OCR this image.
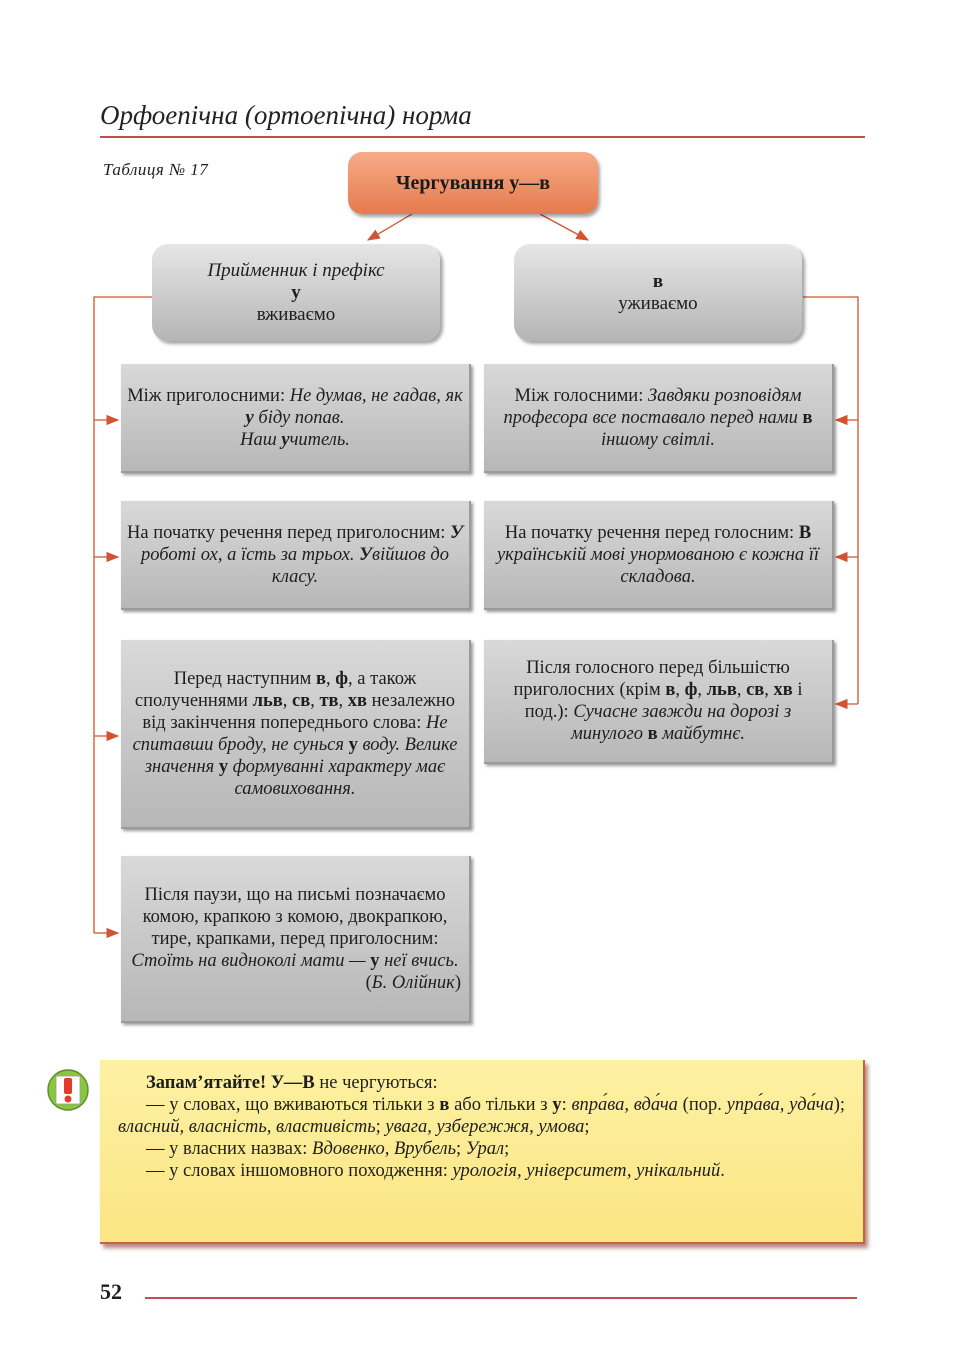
Орфоепічна (ортоепічна) норма
Таблиця № 17
Чергування у—в
Прийменник і префікс
у
вживаємо
в
уживаємо

Між приголосними: Не думав, не гадав, як у біду попав.
Наш учитель.

На початку речення перед приголосним: У роботі ох, а їсть за трьох. Увійшов до класу.

Перед наступним в, ф, а також сполученнями льв, св, тв, хв незалежно від закінчення попереднього слова: Не спитавши броду, не суньcя у воду. Велике значення у формуванні характеру має самовиховання.

Після паузи, що на письмі позначаємо комою, крапкою з комою, двокрапкою, тире, крапками, перед приголосним: Стоїть на видноколі мати — у неї вчись.

(Б. Олійник)

Між голосними: Завдяки розповідям професора все поставало перед нами в іншому світлі.

На початку речення перед голосним: В українській мові унормованою є кожна її складова.

Після голосного перед більшістю приголосних (крім в, ф, льв, св, хв і под.): Сучасне завжди на дорозі з минулого в майбутнє.

Запам’ятайте! У—В не чергуються:

— у словах, що вживаються тільки з в або тільки з у: впра́ва, вда́ча (пор. упра́ва, уда́ча); власний, власність, властивість; увага, узбережжя, умова;

— у власних назвах: Вдовенко, Врубель; Урал;

— у словах іншомовного походження: урологія, університет, унікальний.

52
